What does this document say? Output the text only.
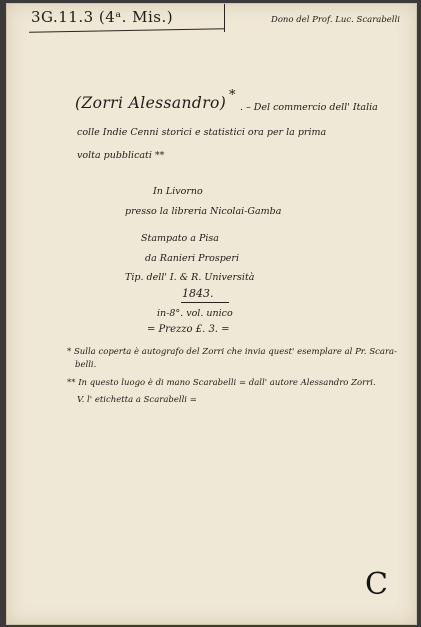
3G.11.3 (4ᵃ. Mis.)	Dono del Prof. Luc. Scarabelli
(Zorri Alessandro) *
. – Del commercio dell' Italia
colle Indie Cenni storici e statistici ora per la prima
volta pubblicati **
In Livorno
presso la libreria Nicolai-Gamba
Stampato a Pisa
da Ranieri Prosperi
Tip. dell' I. & R. Università
1843.
in-8°. vol. unico
= Prezzo £. 3. =
* Sulla coperta è autografo del Zorri che invia quest' esemplare al Pr. Scara-
belli.
** In questo luogo è di mano Scarabelli = dall' autore Alessandro Zorri.
V. l' etichetta a Scarabelli =
C
